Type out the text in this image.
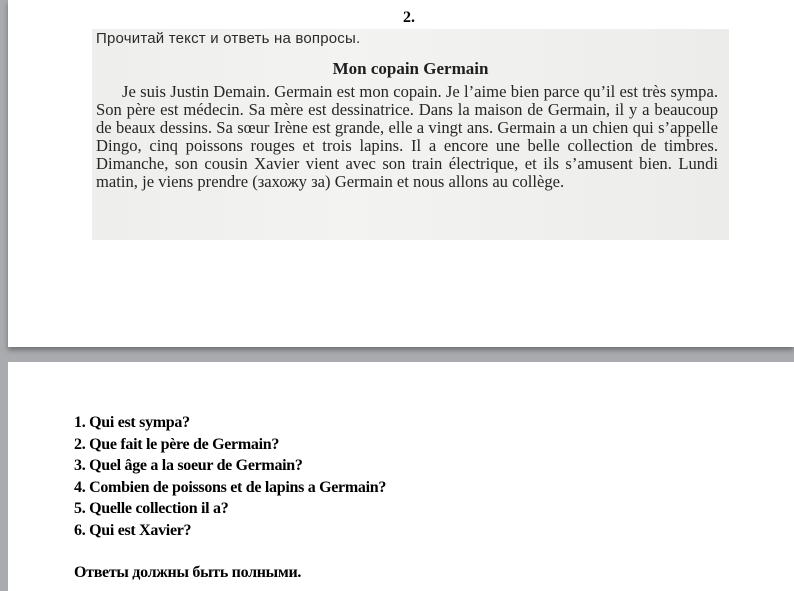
2.
Прочитай текст и ответь на вопросы.
Mon copain Germain
Je suis Justin Demain. Germain est mon copain. Je l’aime bien parce qu’il est très sympa. Son père est médecin. Sa mère est dessinatrice. Dans la maison de Germain, il y a beaucoup de beaux dessins. Sa sœur Irène est grande, elle a vingt ans. Germain a un chien qui s’appelle Dingo, cinq poissons rouges et trois lapins. Il a encore une belle collection de timbres. Dimanche, son cousin Xavier vient avec son train électrique, et ils s’amusent bien. Lundi matin, je viens prendre (захожу за) Germain et nous allons au collège.
1. Qui est sympa?
2. Que fait le père de Germain?
3. Quel âge a la soeur de Germain?
4. Combien de poissons et de lapins a Germain?
5. Quelle collection il a?
6. Qui est Xavier?
Ответы должны быть полными.
